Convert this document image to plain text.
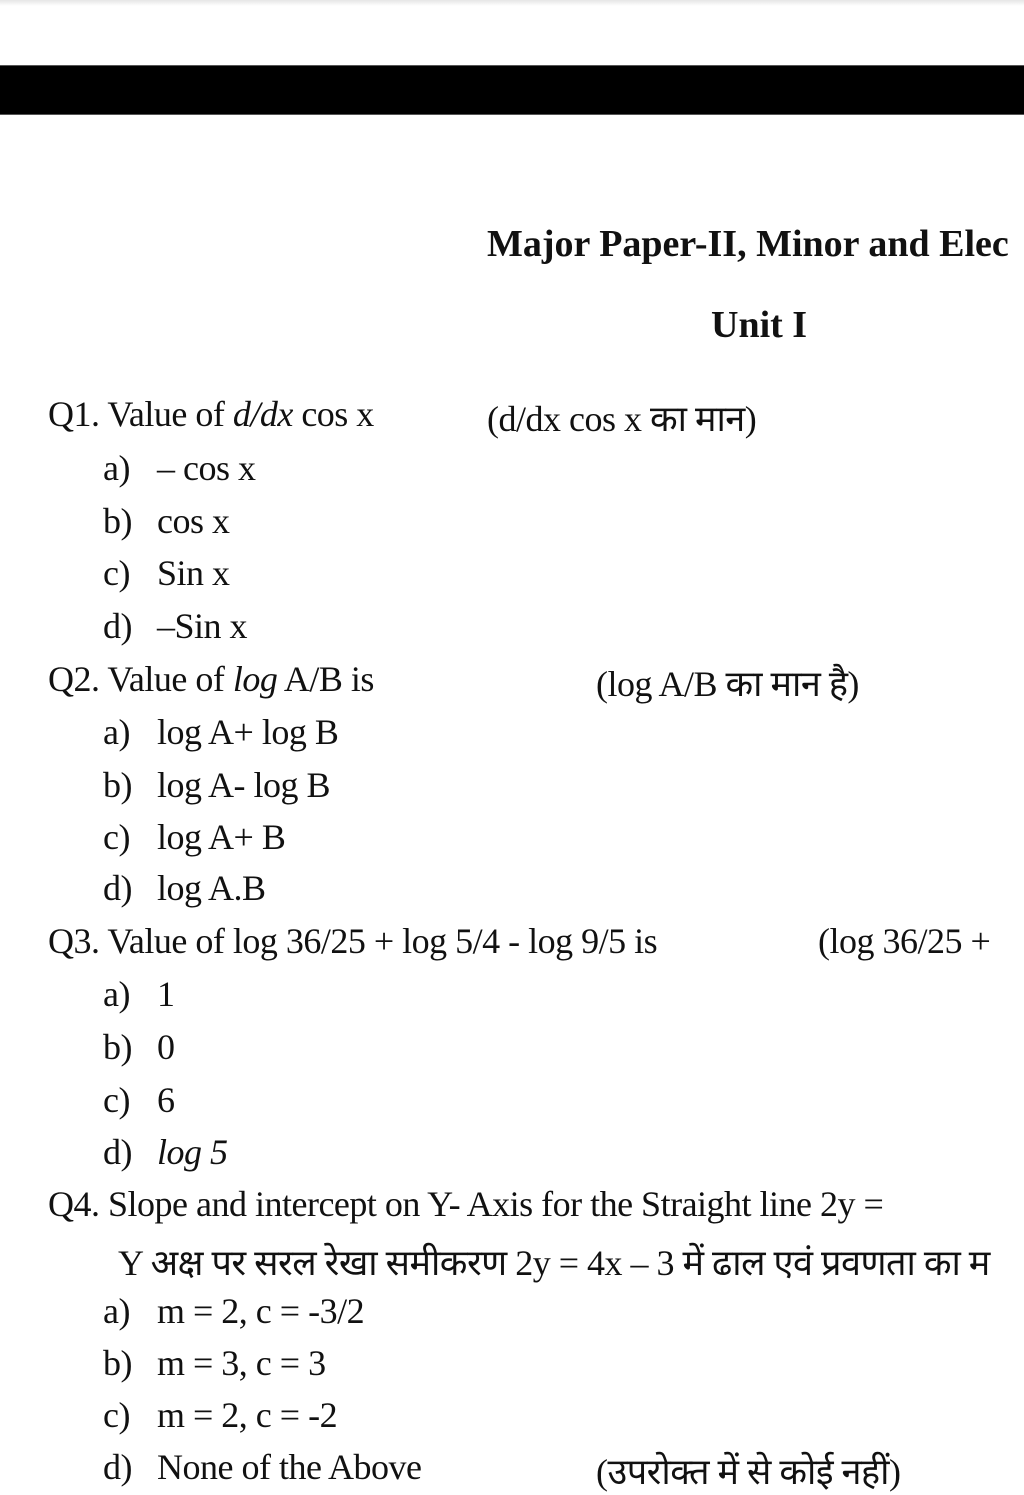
Major Paper-II, Minor and Elec
Unit I
Q1. Value of d/dx cos x	(d/dx cos x का मान)
a) – cos x
b) cos x
c) Sin x
d) –Sin x
Q2. Value of log A/B is	(log A/B का मान है)
a) log A+ log B
b) log A- log B
c) log A+ B
d) log A.B
Q3. Value of log 36/25 + log 5/4 - log 9/5 is	(log 36/25 +
a) 1
b) 0
c) 6
d) log 5
Q4. Slope and intercept on Y- Axis for the Straight line 2y =
Y अक्ष पर सरल रेखा समीकरण 2y = 4x – 3 में ढाल एवं प्रवणता का म
a) m = 2, c = -3/2
b) m = 3, c = 3
c) m = 2, c = -2
d) None of the Above	(उपरोक्त में से कोई नहीं)
